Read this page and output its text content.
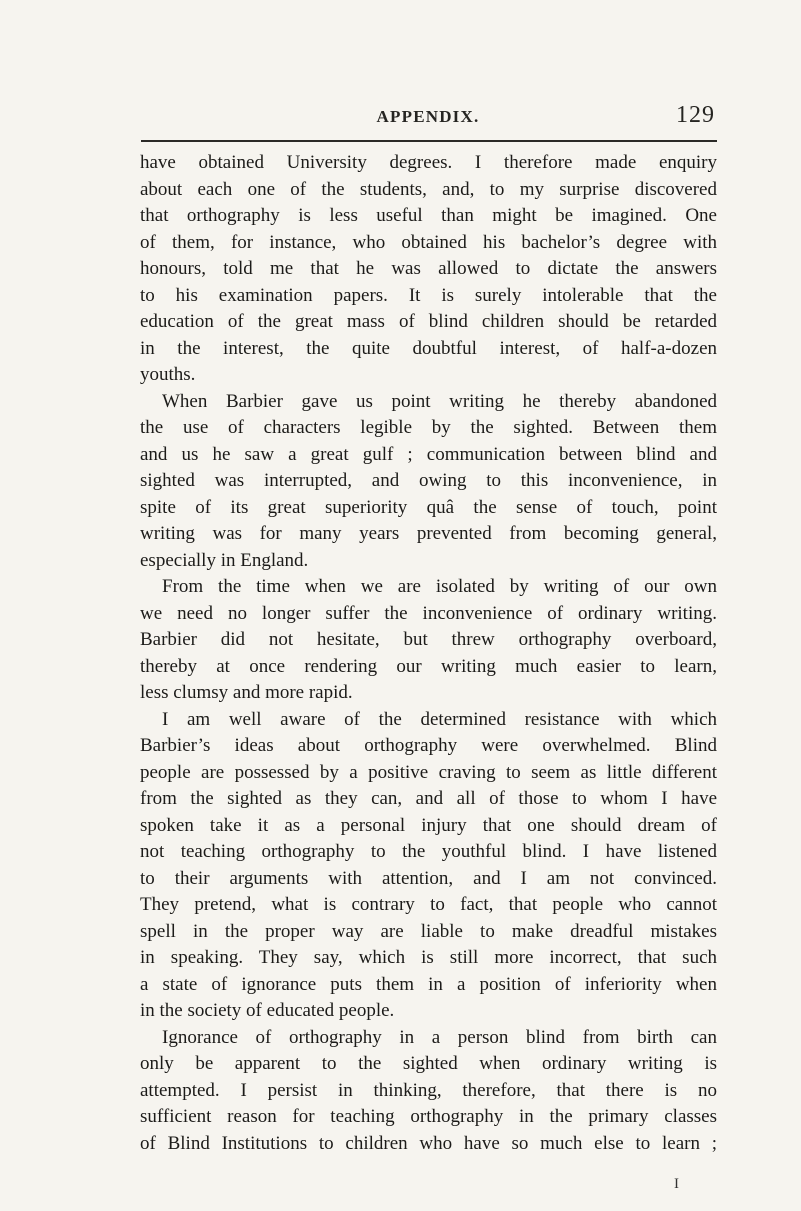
APPENDIX.	129
have obtained University degrees. I therefore made enquiry
about each one of the students, and, to my surprise discovered
that orthography is less useful than might be imagined. One
of them, for instance, who obtained his bachelor’s degree with
honours, told me that he was allowed to dictate the answers
to his examination papers. It is surely intolerable that the
education of the great mass of blind children should be retarded
in the interest, the quite doubtful interest, of half-a-dozen
youths.
When Barbier gave us point writing he thereby abandoned
the use of characters legible by the sighted. Between them
and us he saw a great gulf ; communication between blind and
sighted was interrupted, and owing to this inconvenience, in
spite of its great superiority quâ the sense of touch, point
writing was for many years prevented from becoming general,
especially in England.
From the time when we are isolated by writing of our own
we need no longer suffer the inconvenience of ordinary writing.
Barbier did not hesitate, but threw orthography overboard,
thereby at once rendering our writing much easier to learn,
less clumsy and more rapid.
I am well aware of the determined resistance with which
Barbier’s ideas about orthography were overwhelmed. Blind
people are possessed by a positive craving to seem as little different
from the sighted as they can, and all of those to whom I have
spoken take it as a personal injury that one should dream of
not teaching orthography to the youthful blind. I have listened
to their arguments with attention, and I am not convinced.
They pretend, what is contrary to fact, that people who cannot
spell in the proper way are liable to make dreadful mistakes
in speaking. They say, which is still more incorrect, that such
a state of ignorance puts them in a position of inferiority when
in the society of educated people.
Ignorance of orthography in a person blind from birth can
only be apparent to the sighted when ordinary writing is
attempted. I persist in thinking, therefore, that there is no
sufficient reason for teaching orthography in the primary classes
of Blind Institutions to children who have so much else to learn ;
I
